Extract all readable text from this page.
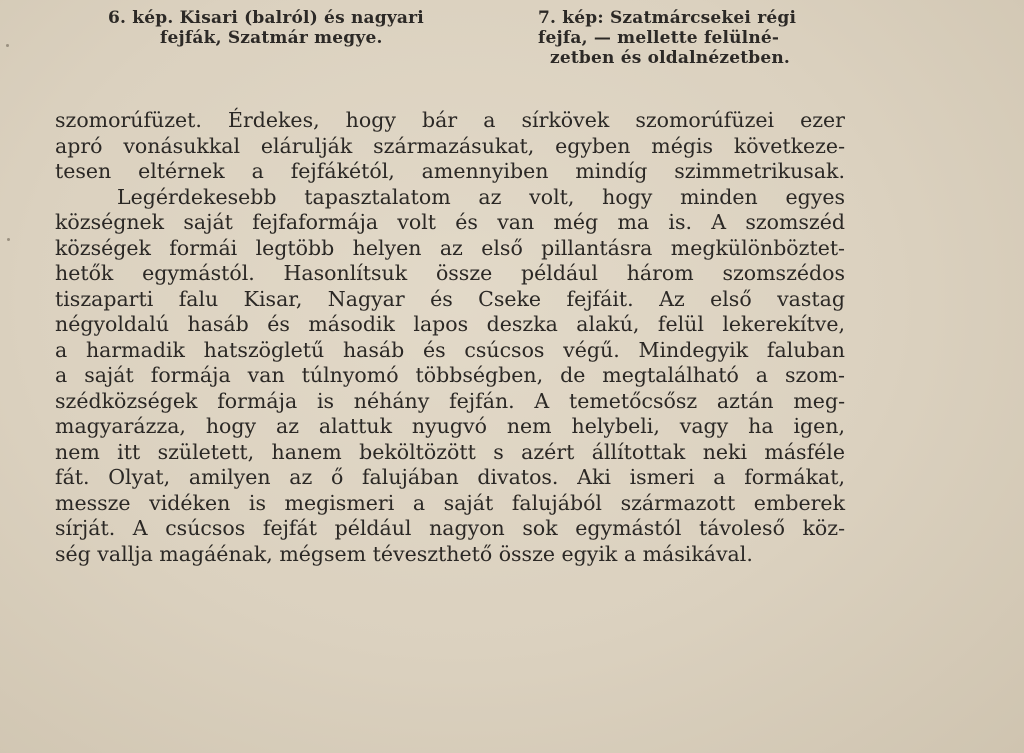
6. kép. Kisari (balról) és nagyari
fejfák, Szatmár megye.
7. kép: Szatmárcsekei régi
fejfa, — mellette felülné-
zetben és oldalnézetben.
szomorúfüzet. Érdekes, hogy bár a sírkövek szomorúfüzei ezer
apró vonásukkal elárulják származásukat, egyben mégis következe-
tesen eltérnek a fejfákétól, amennyiben mindíg szimmetrikusak.
Legérdekesebb tapasztalatom az volt, hogy minden egyes
községnek saját fejfaformája volt és van még ma is. A szomszéd
községek formái legtöbb helyen az első pillantásra megkülönböztet-
hetők egymástól. Hasonlítsuk össze például három szomszédos
tiszaparti falu Kisar, Nagyar és Cseke fejfáit. Az első vastag
négyoldalú hasáb és második lapos deszka alakú, felül lekerekítve,
a harmadik hatszögletű hasáb és csúcsos végű. Mindegyik faluban
a saját formája van túlnyomó többségben, de megtalálható a szom-
szédközségek formája is néhány fejfán. A temetőcsősz aztán meg-
magyarázza, hogy az alattuk nyugvó nem helybeli, vagy ha igen,
nem itt született, hanem beköltözött s azért állítottak neki másféle
fát. Olyat, amilyen az ő falujában divatos. Aki ismeri a formákat,
messze vidéken is megismeri a saját falujából származott emberek
sírját. A csúcsos fejfát például nagyon sok egymástól távoleső köz-
ség vallja magáénak, mégsem téveszthető össze egyik a másikával.
